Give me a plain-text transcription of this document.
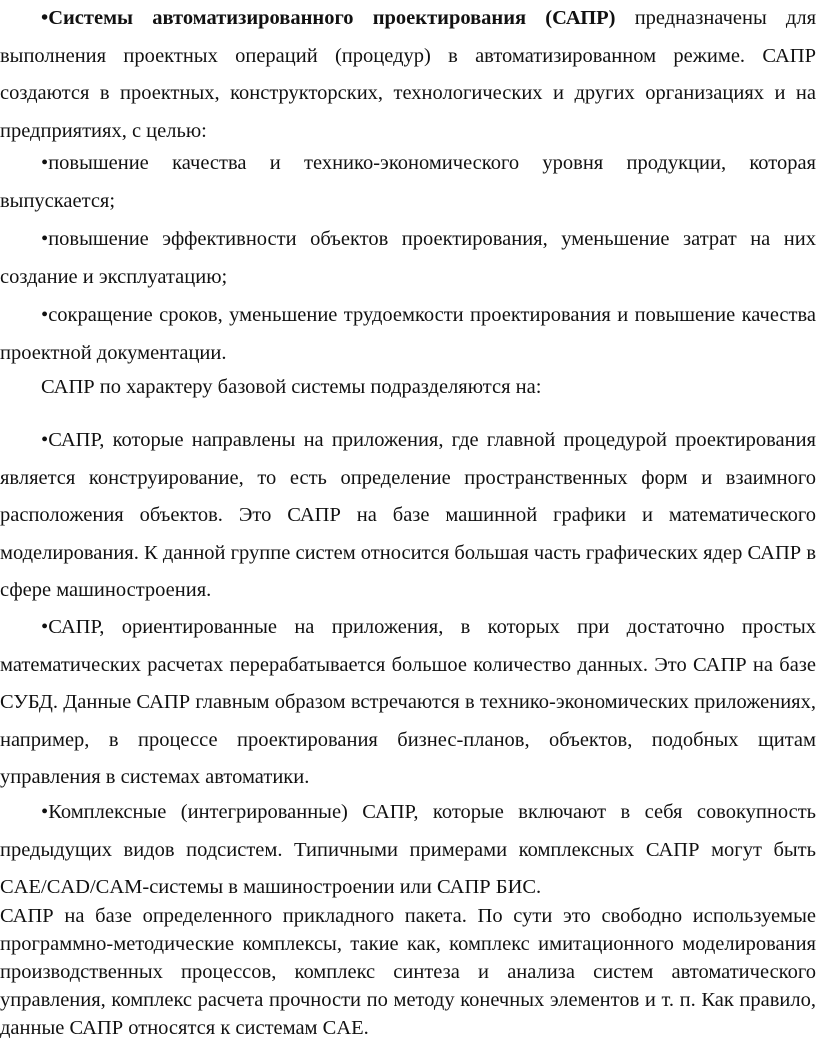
•Системы автоматизированного проектирования (САПР) предназначены для выполнения проектных операций (процедур) в автоматизированном режиме. САПР создаются в проектных, конструкторских, технологических и других организациях и на предприятиях, с целью:

•повышение качества и технико-экономического уровня продукции, которая выпускается;

•повышение эффективности объектов проектирования, уменьшение затрат на них создание и эксплуатацию;

•сокращение сроков, уменьшение трудоемкости проектирования и повышение качества проектной документации.

САПР по характеру базовой системы подразделяются на:

•САПР, которые направлены на приложения, где главной процедурой проектирования является конструирование, то есть определение пространственных форм и взаимного расположения объектов. Это САПР на базе машинной графики и математического моделирования. К данной группе систем относится большая часть графических ядер САПР в сфере машиностроения.

•САПР, ориентированные на приложения, в которых при достаточно простых математических расчетах перерабатывается большое количество данных. Это САПР на базе СУБД. Данные САПР главным образом встречаются в технико-экономических приложениях, например, в процессе проектирования бизнес-планов, объектов, подобных щитам управления в системах автоматики.

•Комплексные (интегрированные) САПР, которые включают в себя совокупность предыдущих видов подсистем. Типичными примерами комплексных САПР могут быть CAE/CAD/CAM-системы в машиностроении или САПР БИС.

САПР на базе определенного прикладного пакета. По сути это свободно используемые программно-методические комплексы, такие как, комплекс имитационного моделирования производственных процессов, комплекс синтеза и анализа систем автоматического управления, комплекс расчета прочности по методу конечных элементов и т. п. Как правило, данные САПР относятся к системам CAE.
